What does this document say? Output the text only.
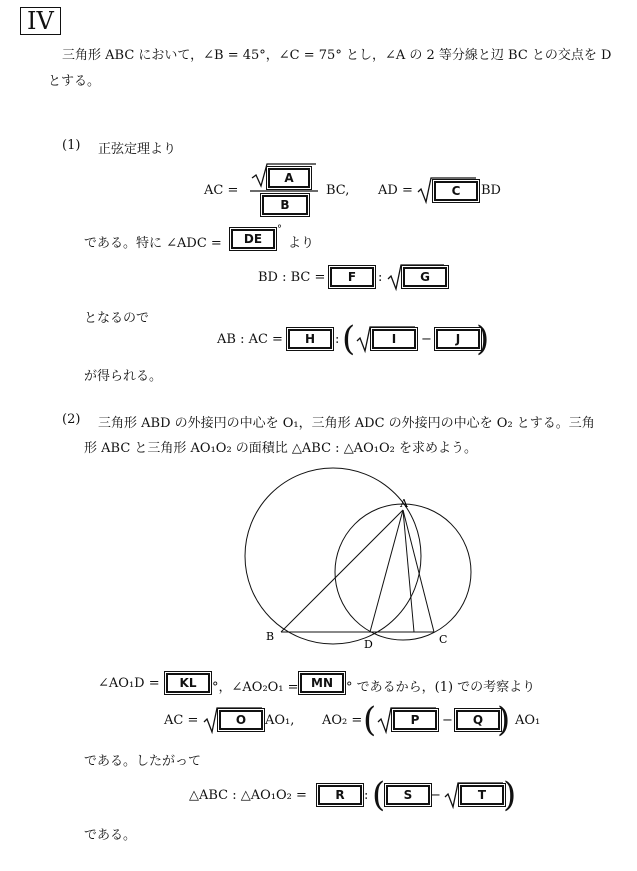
IV
三角形 ABC において，∠B = 45°，∠C = 75° とし，∠A の 2 等分線と辺 BC との交点を D
とする。
(1) 正弦定理より
AC =
A
B
BC, AD =	C	BD
である。特に ∠ADC =	DE
°
より
BD : BC =	F	:	G
となるので
AB : AC =	H	: (	I	−	J )
が得られる。
(2) 三角形 ABD の外接円の中心を O₁，三角形 ADC の外接円の中心を O₂ とする。三角
形 ABC と三角形 AO₁O₂ の面積比 △ABC : △AO₁O₂ を求めよう。
A
B	C
D
∠AO₁D =	KL	°，∠AO₂O₁ =	MN	° であるから，(1) での考察より
AC =	O	AO₁, AO₂ = (	P	−	Q ) AO₁
である。したがって
△ABC : △AO₁O₂ =	R	: (	S	−	T )
である。
